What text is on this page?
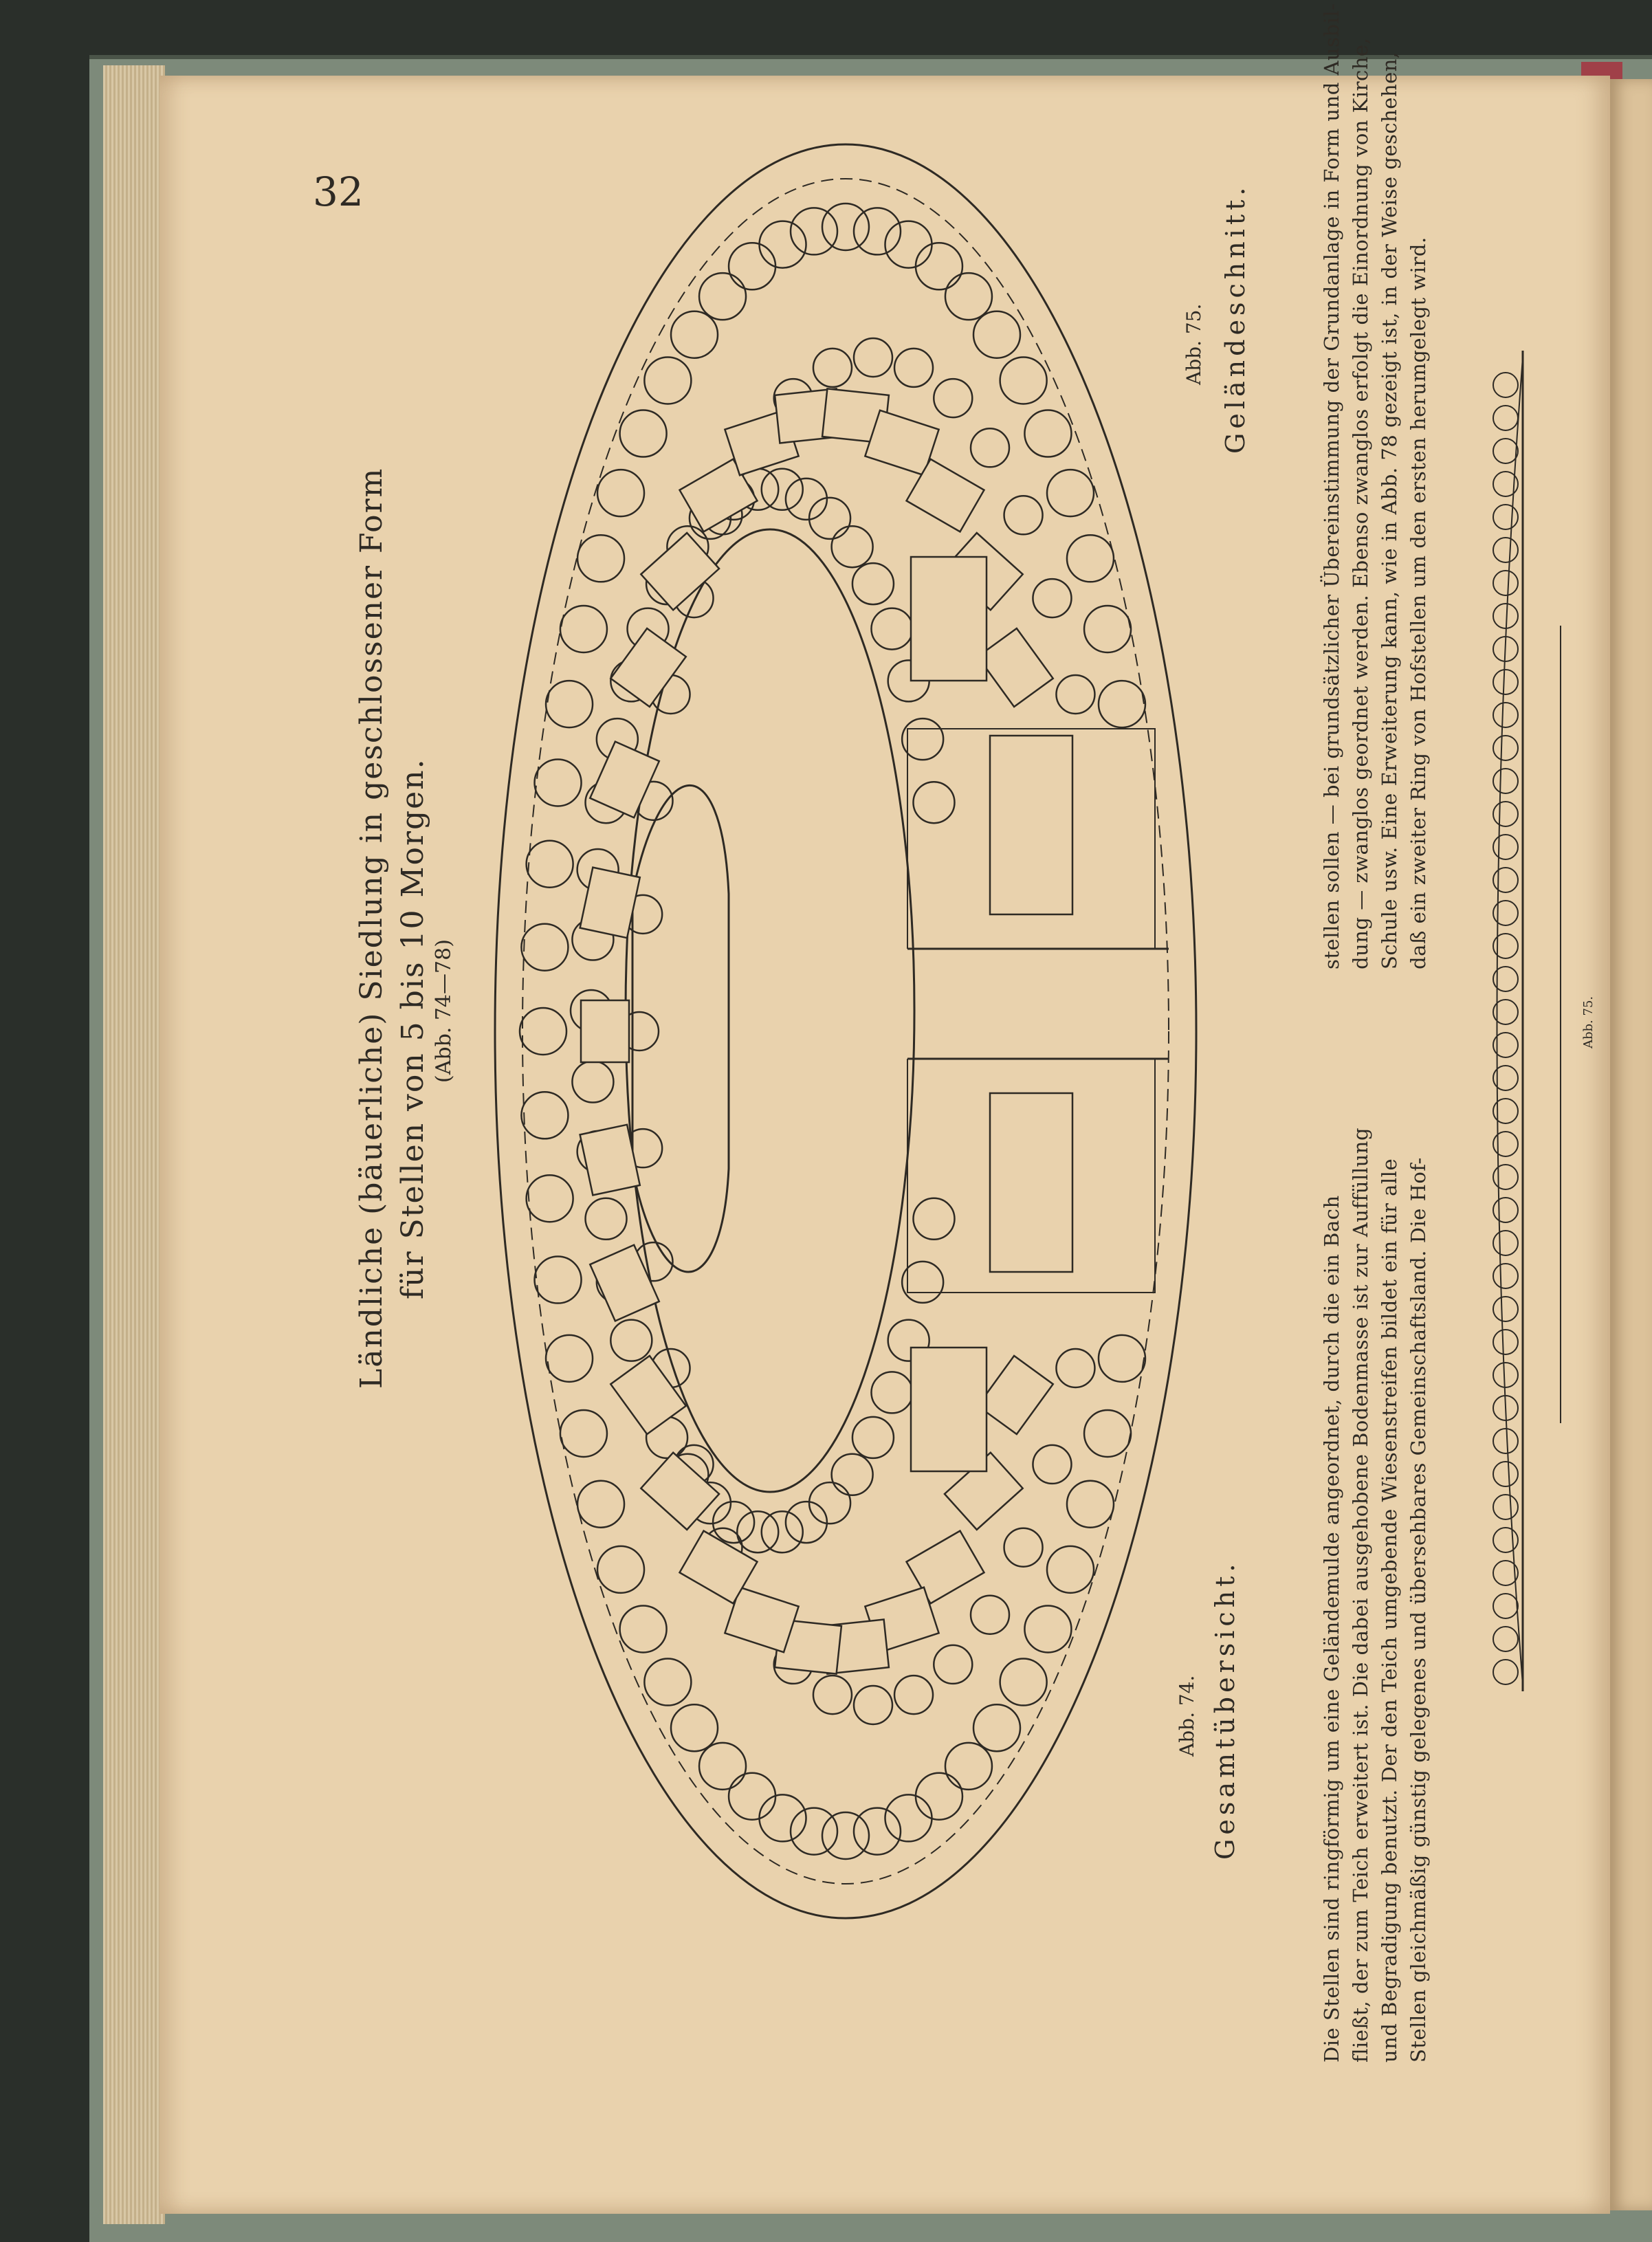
32
Ländliche (bäuerliche) Siedlung in geschlossener Form für Stellen von 5 bis 10 Morgen. (Abb. 74—78)
Abb. 74. Gesamtübersicht.
Abb. 75. Geländeschnitt.
Die Stellen sind ringförmig um eine Geländemulde angeordnet, durch die ein Bach fließt, der zum Teich erweitert ist. Die dabei ausgehobene Bodenmasse ist zur Auffüllung und Begradigung benutzt. Der den Teich umgebende Wiesenstreifen bildet ein für alle Stellen gleichmäßig günstig gelegenes und übersehbares Gemeinschaftsland. Die Hof-
stellen sollen — bei grundsätzlicher Übereinstimmung der Grundanlage in Form und Ausbil- dung — zwanglos geordnet werden. Ebenso zwanglos erfolgt die Einordnung von Kirche, Schule usw. Eine Erweiterung kann, wie in Abb. 78 gezeigt ist, in der Weise geschehen, daß ein zweiter Ring von Hofstellen um den ersten herumgelegt wird.
Abb. 75.
